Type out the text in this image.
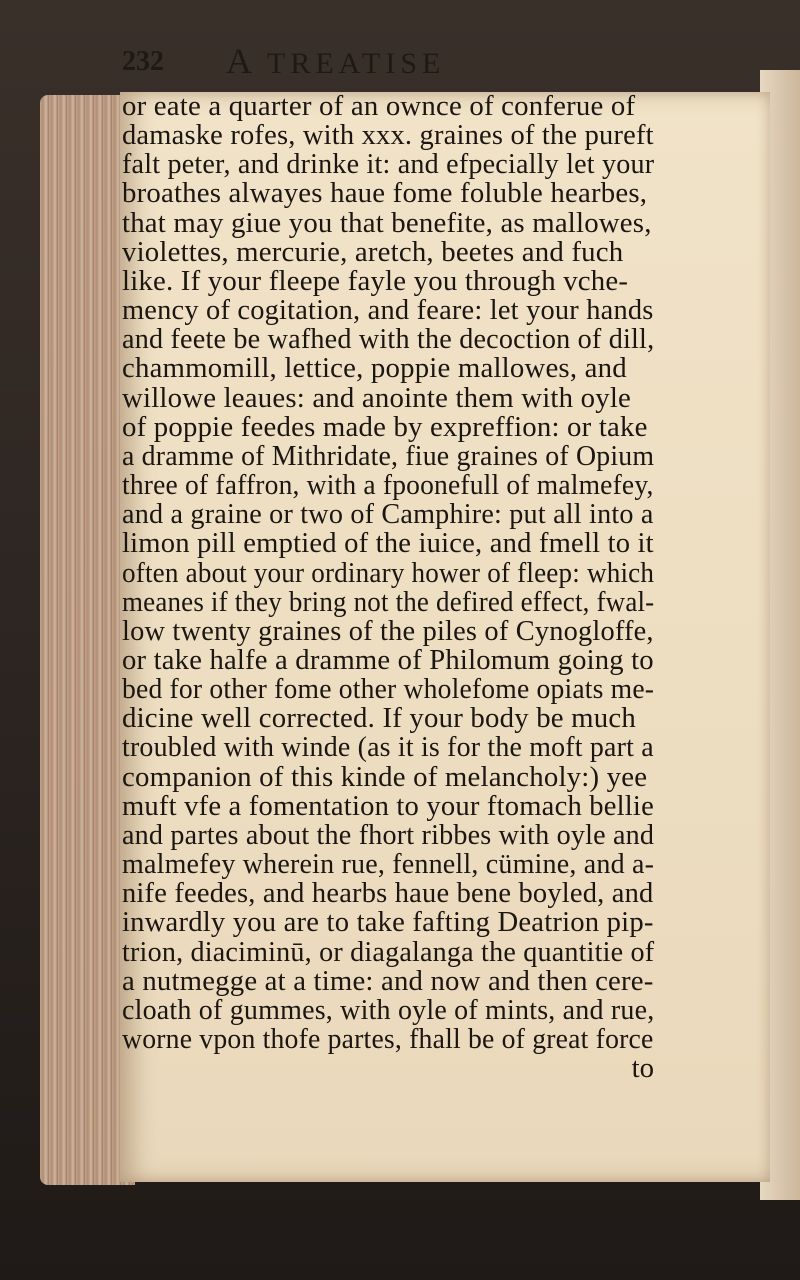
232 A TREATISE
or eate a quarter of an ownce of conferue of
damaske rofes, with xxx. graines of the pureft
falt peter, and drinke it: and efpecially let your
broathes alwayes haue fome foluble hearbes,
that may giue you that benefite, as mallowes,
violettes, mercurie, aretch, beetes and fuch
like. If your fleepe fayle you through vche-
mency of cogitation, and feare: let your hands
and feete be wafhed with the decoction of dill,
chammomill, lettice, poppie mallowes, and
willowe leaues: and anointe them with oyle
of poppie feedes made by expreffion: or take
a dramme of Mithridate, fiue graines of Opium
three of faffron, with a fpoonefull of malmefey,
and a graine or two of Camphire: put all into a
limon pill emptied of the iuice, and fmell to it
often about your ordinary hower of fleep: which
meanes if they bring not the defired effect, fwal-
low twenty graines of the piles of Cynogloffe,
or take halfe a dramme of Philomum going to
bed for other fome other wholefome opiats me-
dicine well corrected. If your body be much
troubled with winde (as it is for the moft part a
companion of this kinde of melancholy:) yee
muft vfe a fomentation to your ftomach bellie
and partes about the fhort ribbes with oyle and
malmefey wherein rue, fennell, cümine, and a-
nife feedes, and hearbs haue bene boyled, and
inwardly you are to take fafting Deatrion pip-
trion, diaciminū, or diagalanga the quantitie of
a nutmegge at a time: and now and then cere-
cloath of gummes, with oyle of mints, and rue,
worne vpon thofe partes, fhall be of great force
to
